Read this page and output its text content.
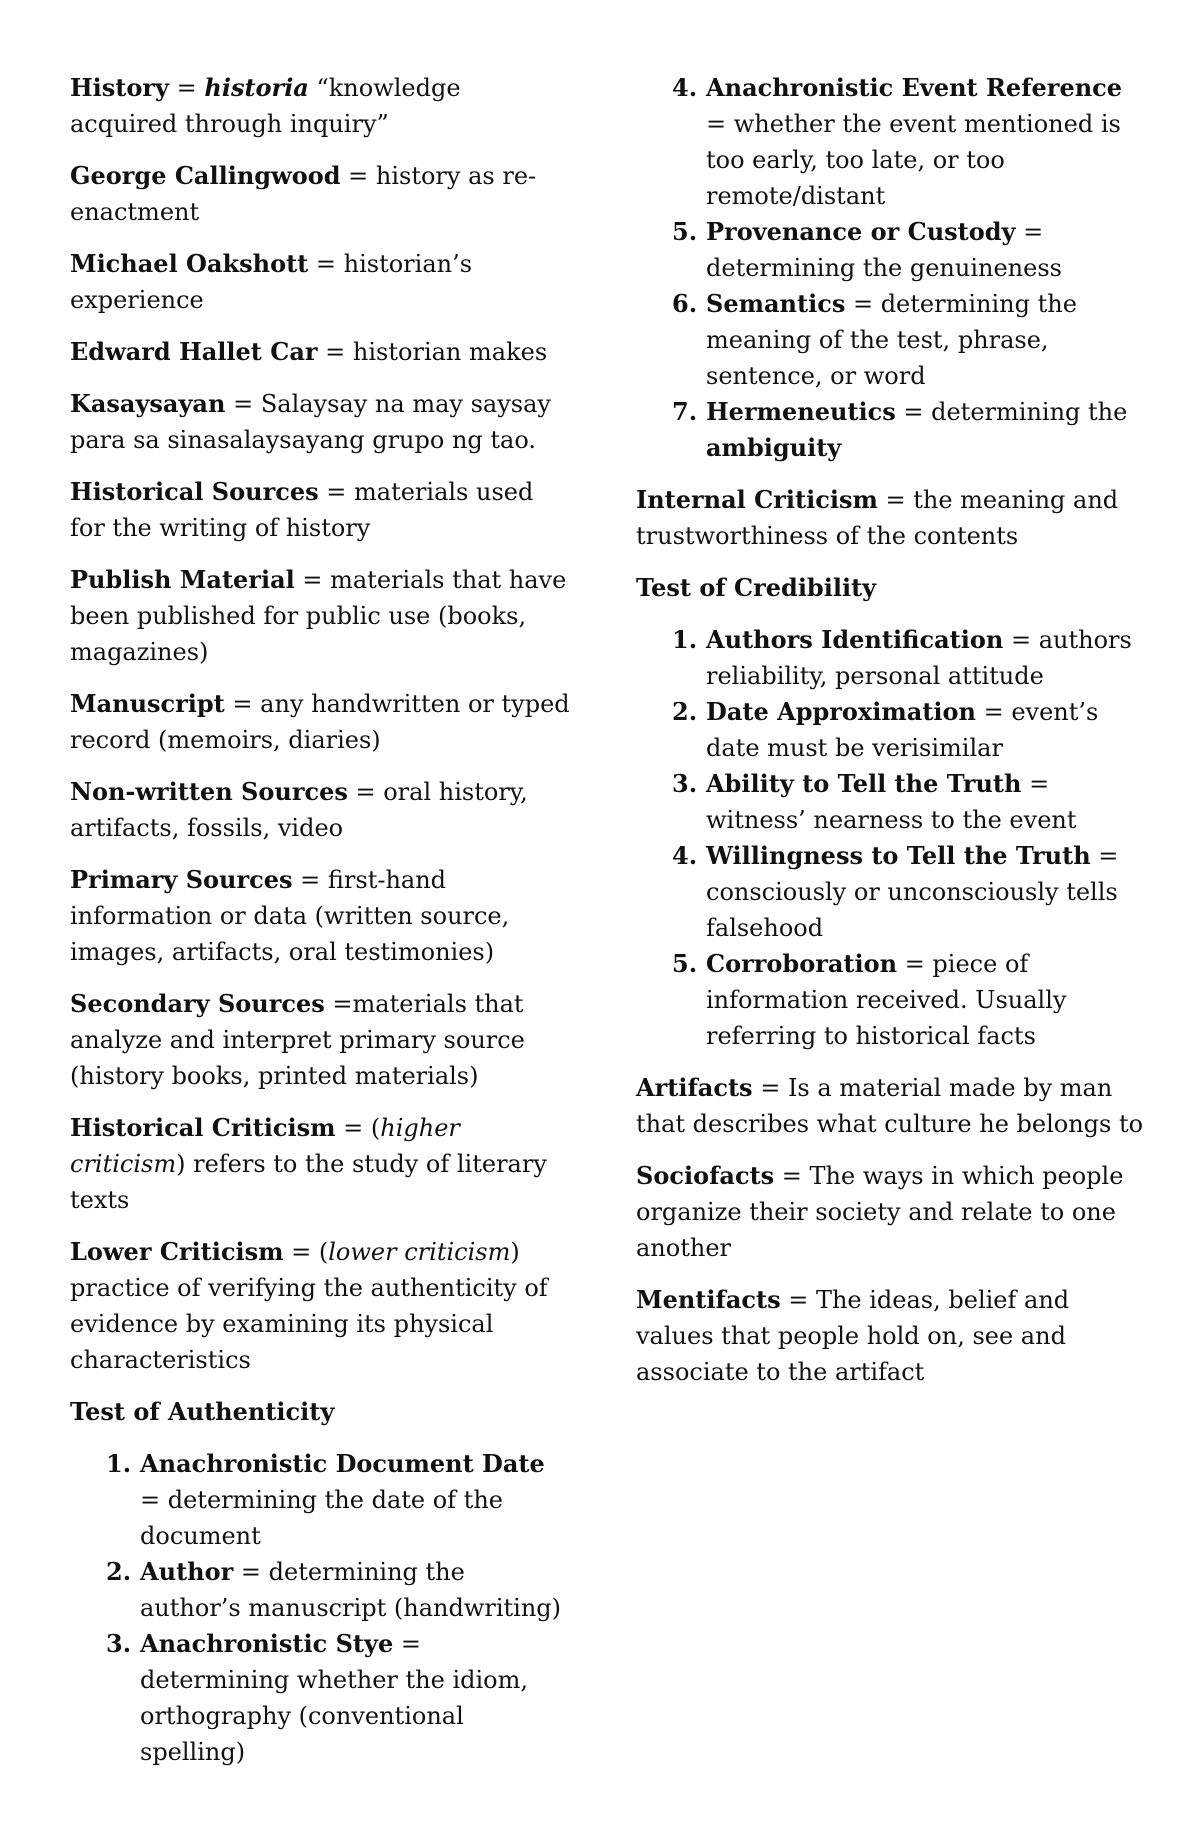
History = historia “knowledge acquired through inquiry”

George Callingwood = history as re-enactment

Michael Oakshott = historian’s experience

Edward Hallet Car = historian makes

Kasaysayan = Salaysay na may saysay para sa sinasalaysayang grupo ng tao.

Historical Sources = materials used for the writing of history

Publish Material = materials that have been published for public use (books, magazines)

Manuscript = any handwritten or typed record (memoirs, diaries)

Non-written Sources = oral history, artifacts, fossils, video

Primary Sources = first-hand information or data (written source, images, artifacts, oral testimonies)

Secondary Sources =materials that analyze and interpret primary source (history books, printed materials)

Historical Criticism = (higher criticism) refers to the study of literary texts

Lower Criticism = (lower criticism) practice of verifying the authenticity of evidence by examining its physical characteristics

Test of Authenticity

1. Anachronistic Document Date = determining the date of the document
2. Author = determining the author’s manuscript (handwriting)
3. Anachronistic Stye = determining whether the idiom, orthography (conventional spelling)
4. Anachronistic Event Reference = whether the event mentioned is too early, too late, or too remote/distant
5. Provenance or Custody = determining the genuineness
6. Semantics = determining the meaning of the test, phrase, sentence, or word
7. Hermeneutics = determining the ambiguity

Internal Criticism = the meaning and trustworthiness of the contents

Test of Credibility

1. Authors Identification = authors reliability, personal attitude
2. Date Approximation = event’s date must be verisimilar
3. Ability to Tell the Truth = witness’ nearness to the event
4. Willingness to Tell the Truth = consciously or unconsciously tells falsehood
5. Corroboration = piece of information received. Usually referring to historical facts

Artifacts = Is a material made by man that describes what culture he belongs to

Sociofacts = The ways in which people organize their society and relate to one another

Mentifacts = The ideas, belief and values that people hold on, see and associate to the artifact
